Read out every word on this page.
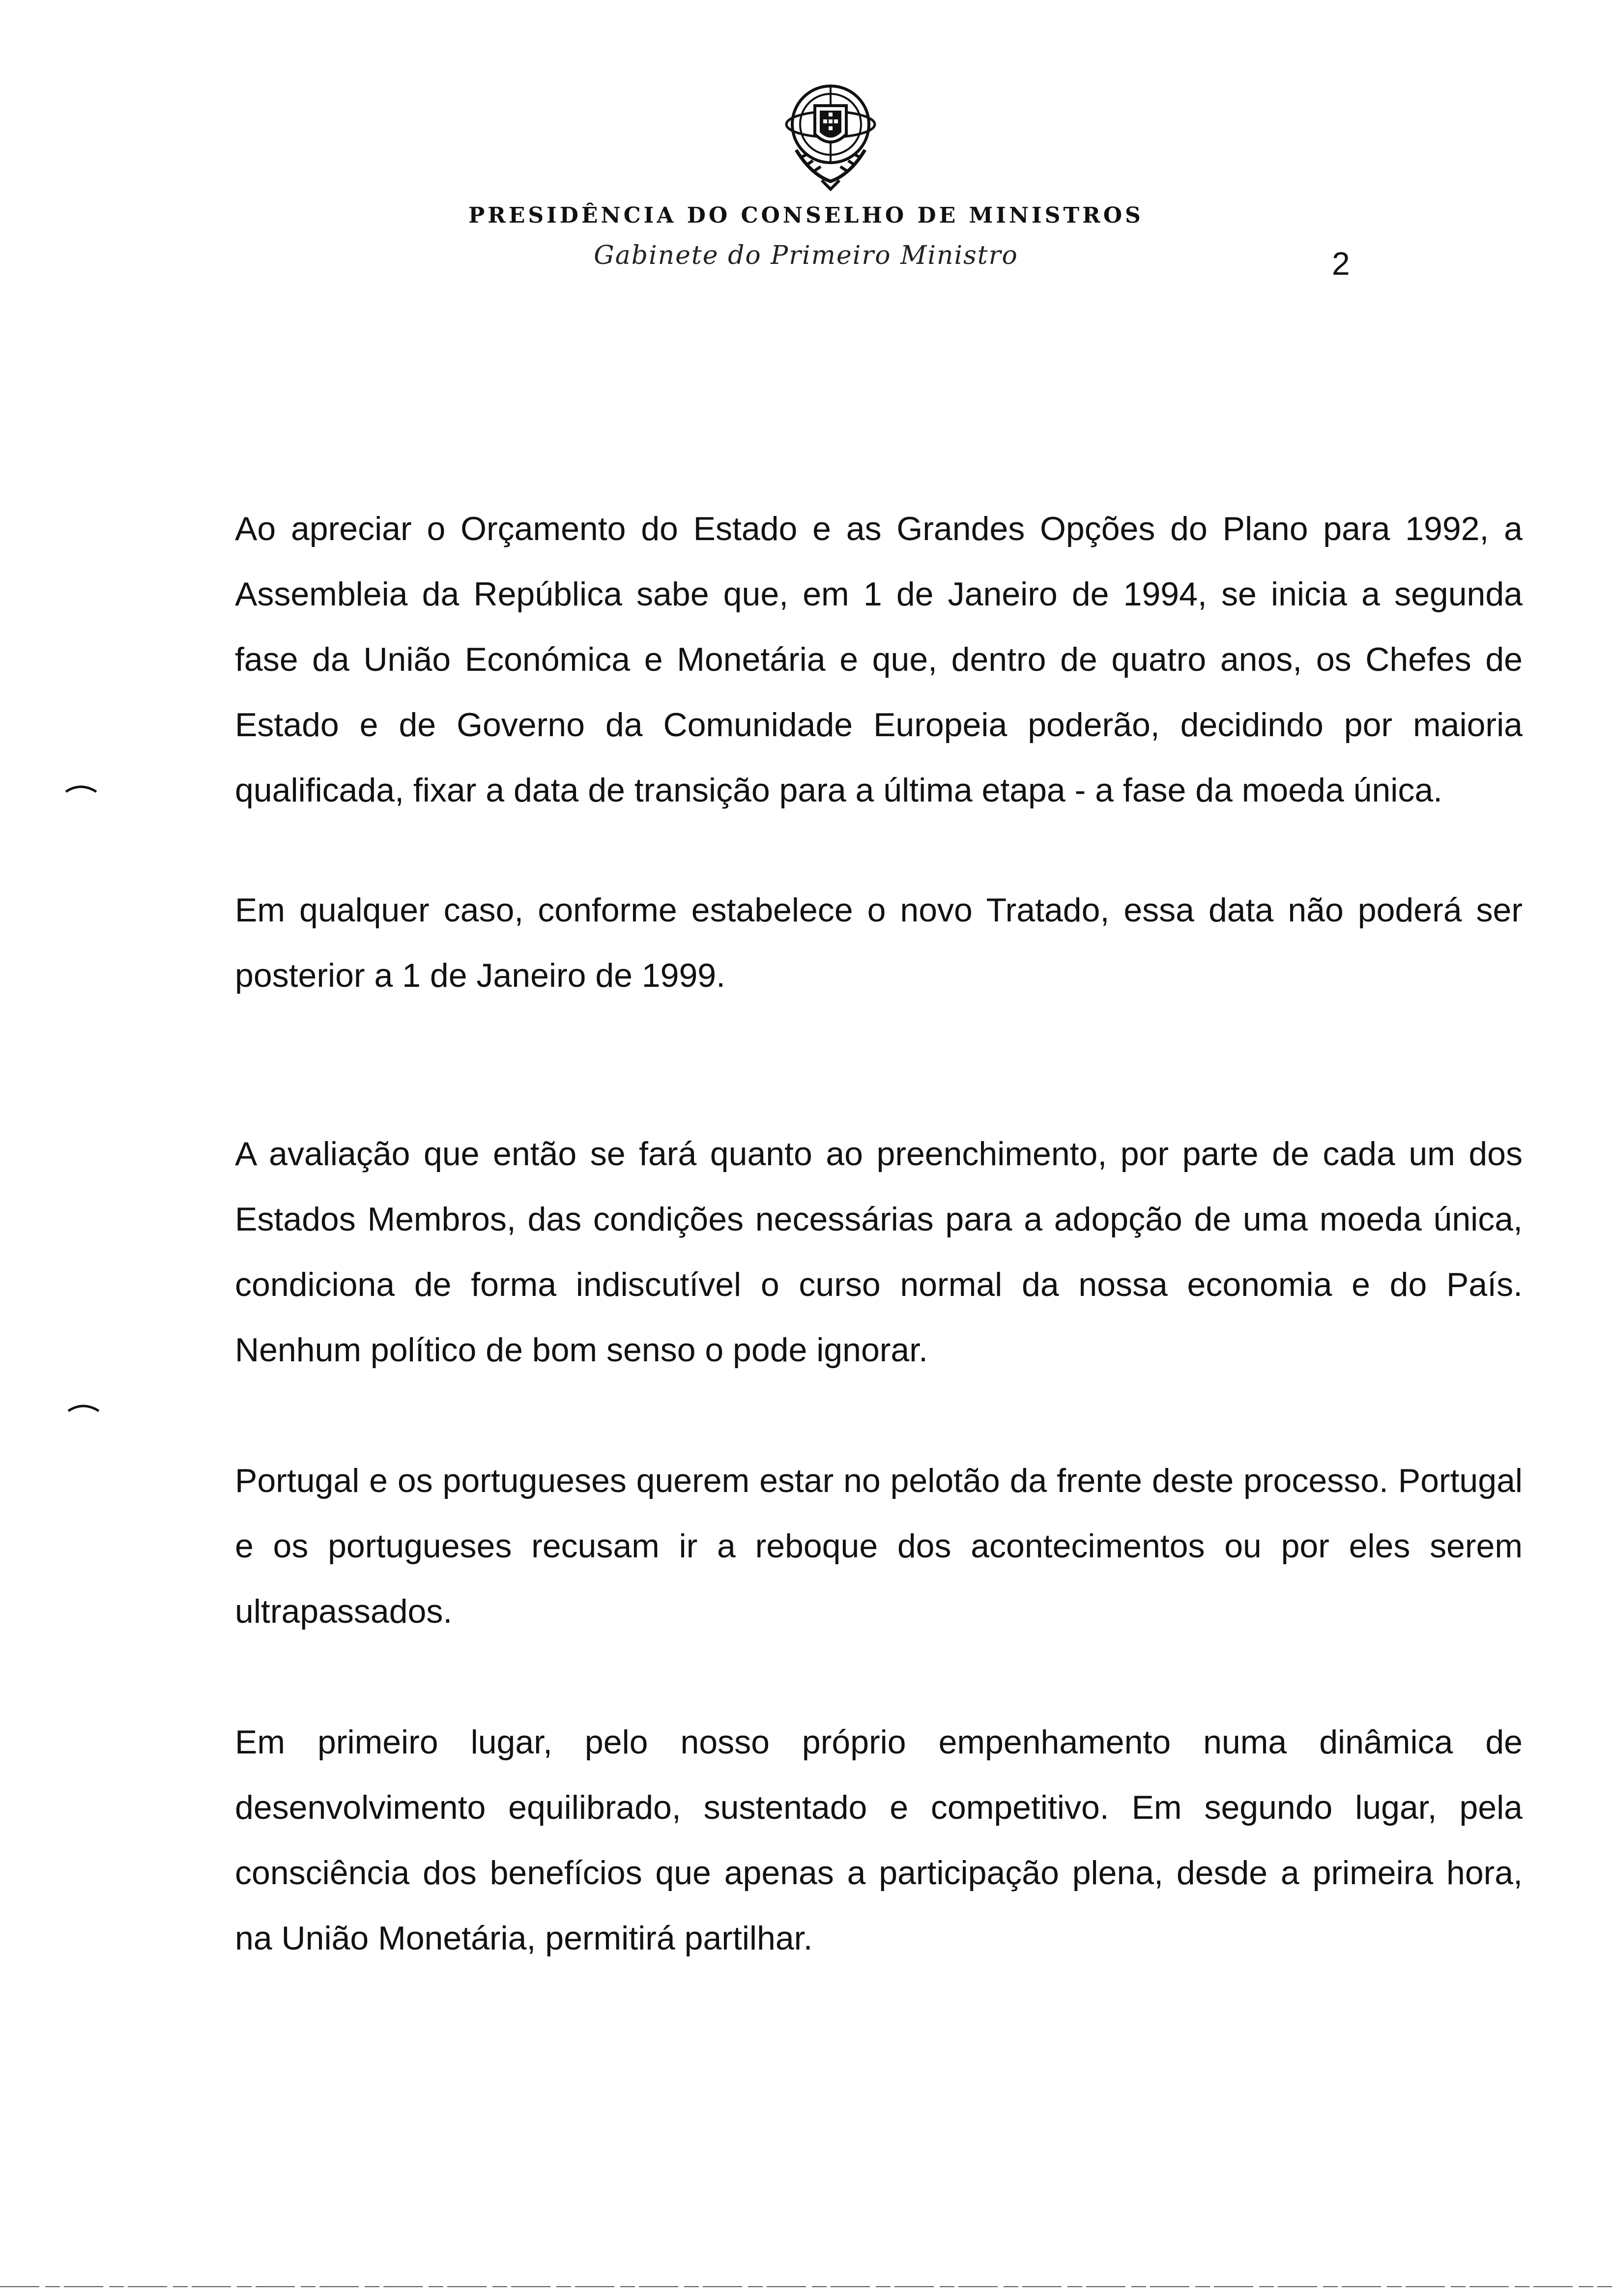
PRESIDÊNCIA DO CONSELHO DE MINISTROS
Gabinete do Primeiro Ministro	2

Ao apreciar o Orçamento do Estado e as Grandes Opções do Plano para 1992, a Assembleia da República sabe que, em 1 de Janeiro de 1994, se inicia a segunda fase da União Económica e Monetária e que, dentro de quatro anos, os Chefes de Estado e de Governo da Comunidade Europeia poderão, decidindo por maioria qualificada, fixar a data de transição para a última etapa - a fase da moeda única.

Em qualquer caso, conforme estabelece o novo Tratado, essa data não poderá ser posterior a 1 de Janeiro de 1999.

A avaliação que então se fará quanto ao preenchimento, por parte de cada um dos Estados Membros, das condições necessárias para a adopção de uma moeda única, condiciona de forma indiscutível o curso normal da nossa economia e do País. Nenhum político de bom senso o pode ignorar.

Portugal e os portugueses querem estar no pelotão da frente deste processo. Portugal e os portugueses recusam ir a reboque dos acontecimentos ou por eles serem ultrapassados.

Em primeiro lugar, pelo nosso próprio empenhamento numa dinâmica de desenvolvimento equilibrado, sustentado e competitivo. Em segundo lugar, pela consciência dos benefícios que apenas a participação plena, desde a primeira hora, na União Monetária, permitirá partilhar.
